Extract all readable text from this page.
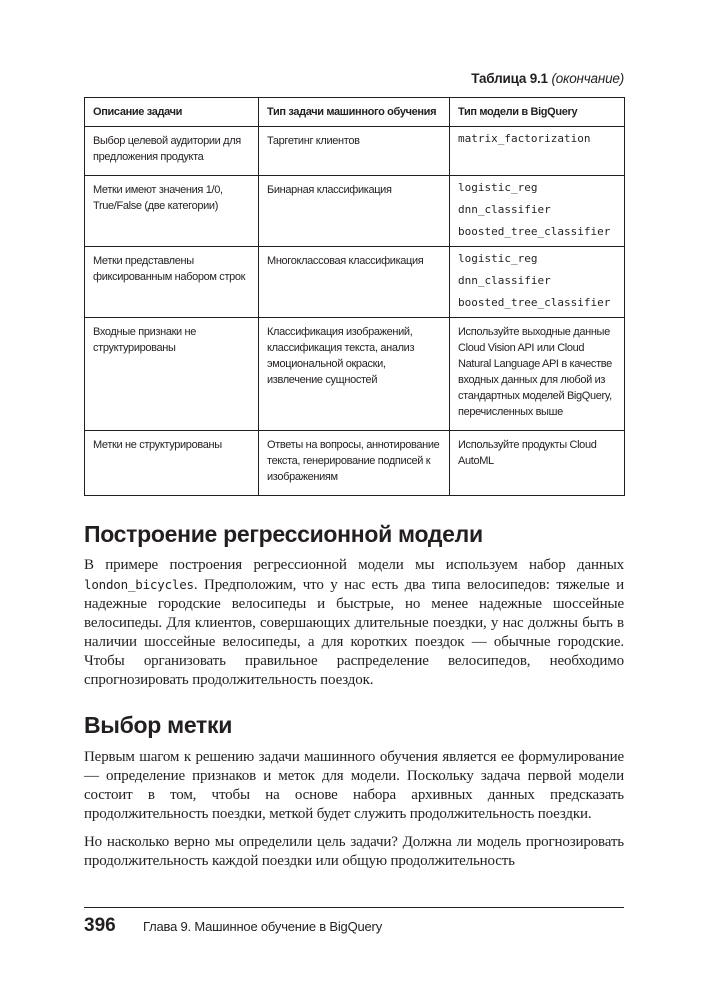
Таблица 9.1 (окончание)
Описание задачи	Тип задачи машинного обучения	Тип модели в BigQuery
Выбор целевой аудитории для предложения продукта	Таргетинг клиентов	matrix_factorization

Метки имеют значения 1/0, True/False (две категории)	Бинарная классификация	logistic_reg
dnn_classifier
boosted_tree_classifier

Метки представлены фиксированным набором строк	Многоклассовая классификация	logistic_reg
dnn_classifier
boosted_tree_classifier

Входные признаки не структурированы	Классификация изображений, классификация текста, анализ эмоциональной окраски, извлечение сущностей	Используйте выходные данные Cloud Vision API или Cloud Natural Language API в качестве входных данных для любой из стандартных моделей BigQuery, перечисленных выше
Метки не структурированы	Ответы на вопросы, аннотирование текста, генерирование подписей к изображениям	Используйте продукты Cloud AutoML
Построение регрессионной модели

В примере построения регрессионной модели мы используем набор данных london_bicycles. Предположим, что у нас есть два типа велосипедов: тяжелые и надежные городские велосипеды и быстрые, но менее надежные шоссейные велосипеды. Для клиентов, совершающих длительные поездки, у нас должны быть в наличии шоссейные велосипеды, а для коротких поездок — обычные городские. Чтобы организовать правильное распределение велосипедов, необходимо спрогнозировать продолжительность поездок.

Выбор метки

Первым шагом к решению задачи машинного обучения является ее формулирование — определение признаков и меток для модели. Поскольку задача первой модели состоит в том, чтобы на основе набора архивных данных предсказать продолжительность поездки, меткой будет служить продолжительность поездки.

Но насколько верно мы определили цель задачи? Должна ли модель прогнозировать продолжительность каждой поездки или общую продолжительность

396 Глава 9. Машинное обучение в BigQuery
